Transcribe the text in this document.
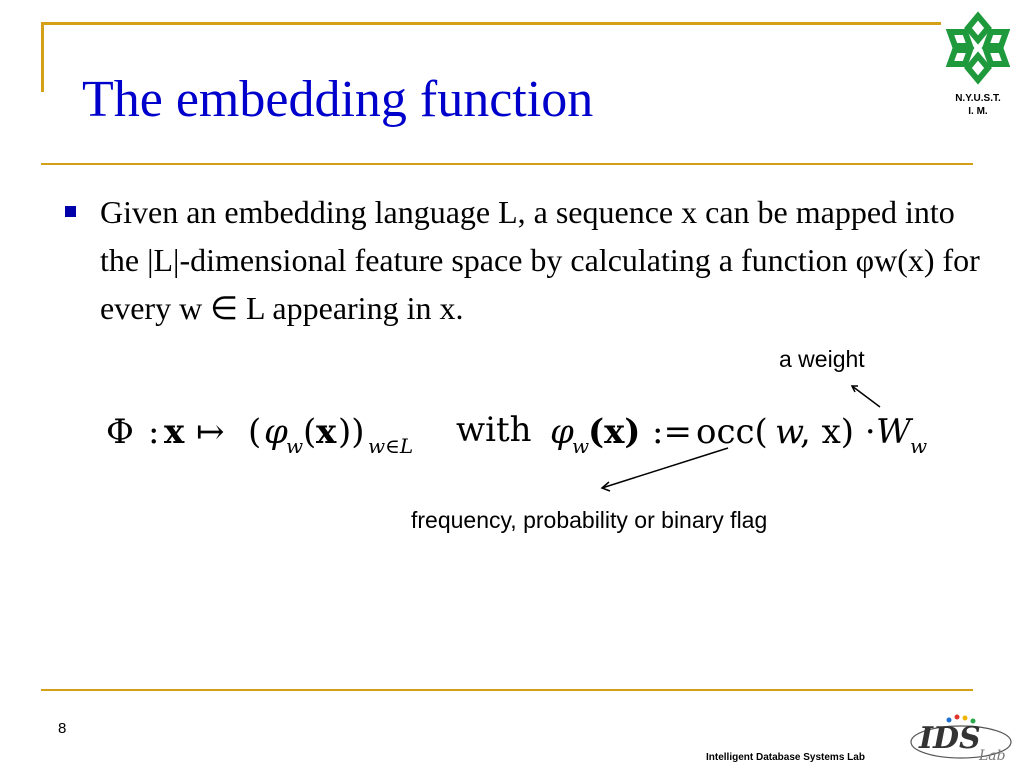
The embedding function	N.Y.U.S.T.
I. M.
Given an embedding language L, a sequence x can be mapped into the |L|-dimensional feature space by calculating a function φw(x) for every w ∈ L appearing in x.
Φ : x ↦ ( φ
w ( x )) w∈L with φ
w
(x) := occ( w
, x) · W w
a weight
frequency, probability or binary flag
8
Intelligent Database Systems Lab
IDS
Lab
